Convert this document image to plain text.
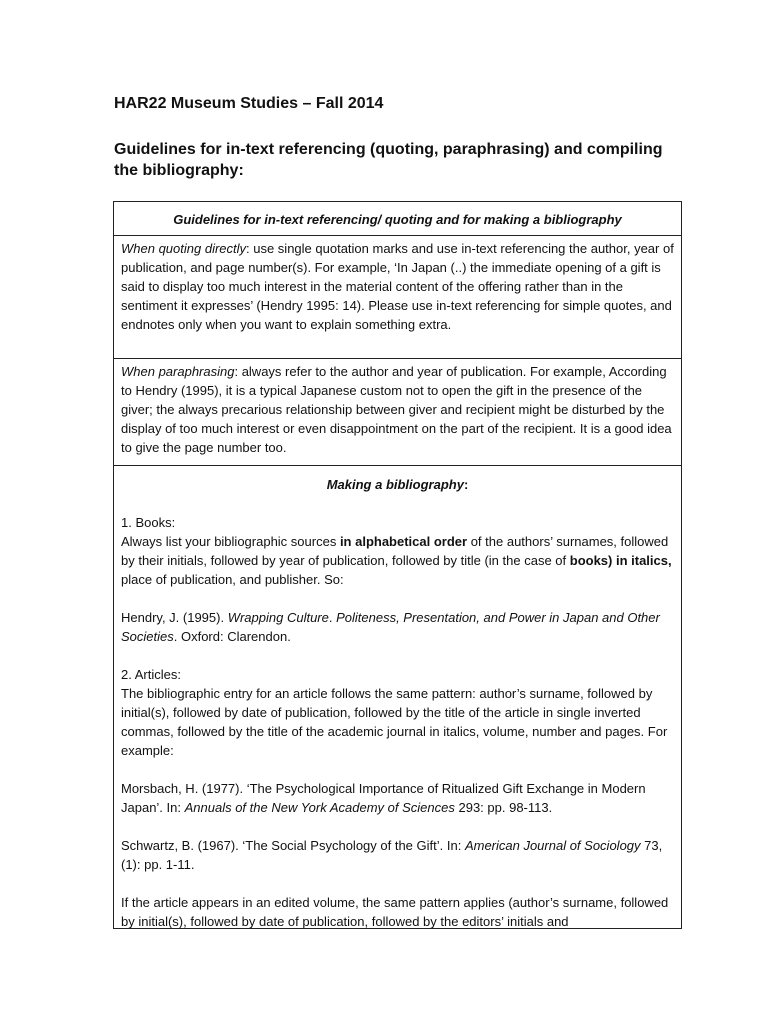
HAR22 Museum Studies – Fall 2014
Guidelines for in-text referencing (quoting, paraphrasing) and compiling the bibliography:
Guidelines for in-text referencing/ quoting and for making a bibliography

When quoting directly: use single quotation marks and use in-text referencing the author, year of publication, and page number(s). For example, ‘In Japan (..) the immediate opening of a gift is said to display too much interest in the material content of the offering rather than in the sentiment it expresses’ (Hendry 1995: 14). Please use in-text referencing for simple quotes, and endnotes only when you want to explain something extra.

When paraphrasing: always refer to the author and year of publication. For example, According to Hendry (1995), it is a typical Japanese custom not to open the gift in the presence of the giver; the always precarious relationship between giver and recipient might be disturbed by the display of too much interest or even disappointment on the part of the recipient. It is a good idea to give the page number too.

Making a bibliography:

1. Books:

Always list your bibliographic sources in alphabetical order of the authors’ surnames, followed by their initials, followed by year of publication, followed by title (in the case of books) in italics, place of publication, and publisher. So:

Hendry, J. (1995). Wrapping Culture. Politeness, Presentation, and Power in Japan and Other Societies. Oxford: Clarendon.

2. Articles:

The bibliographic entry for an article follows the same pattern: author’s surname, followed by initial(s), followed by date of publication, followed by the title of the article in single inverted commas, followed by the title of the academic journal in italics, volume, number and pages. For example:

Morsbach, H. (1977). ‘The Psychological Importance of Ritualized Gift Exchange in Modern Japan’. In: Annuals of the New York Academy of Sciences 293: pp. 98-113.

Schwartz, B. (1967). ‘The Social Psychology of the Gift’. In: American Journal of Sociology 73, (1): pp. 1-11.

If the article appears in an edited volume, the same pattern applies (author’s surname, followed by initial(s), followed by date of publication, followed by the editors’ initials and
